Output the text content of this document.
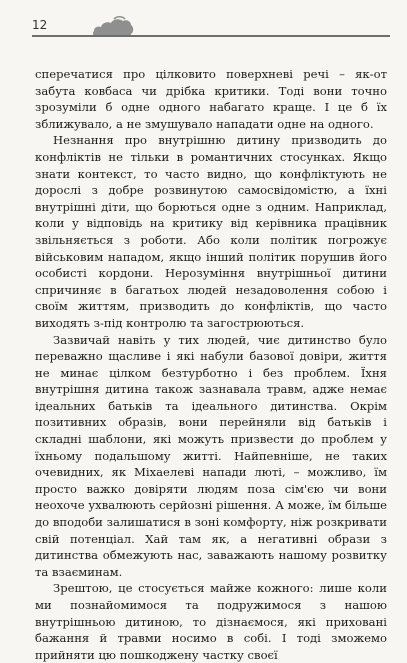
12

сперечатися про цілковито поверхневі речі – як-от забута ковбаса чи дрібка критики. Тоді вони точно зрозуміли б одне одного набагато краще. І це б їх зближувало, а не змушувало нападати одне на одного.

Незнання про внутрішню дитину призводить до конфліктів не тільки в романтичних стосунках. Якщо знати контекст, то часто видно, що конфліктують не дорослі з добре розвинутою самосвідомістю, а їхні внутрішні діти, що борються одне з одним. Наприклад, коли у відповідь на критику від керівника працівник звільняється з роботи. Або коли політик погрожує військовим нападом, якщо інший політик порушив його особисті кордони. Нерозуміння внутрішньої дитини спричиняє в багатьох людей незадоволення собою і своїм життям, призводить до конфліктів, що часто виходять з-під контролю та загострюються.

Зазвичай навіть у тих людей, чиє дитинство було переважно щасливе і які набули базової довіри, життя не минає цілком безтурботно і без проблем. Їхня внутрішня дитина також зазнавала травм, адже немає ідеальних батьків та ідеального дитинства. Окрім позитивних образів, вони перейняли від батьків і складні шаблони, які можуть призвести до проблем у їхньому подальшому житті. Найпевніше, не таких очевидних, як Міхаелеві напади люті, – можливо, їм просто важко довіряти людям поза сім'єю чи вони неохоче ухвалюють серйозні рішення. А може, їм більше до вподоби залишатися в зоні комфорту, ніж розкривати свій потенціал. Хай там як, а негативні образи з дитинства обмежують нас, заважають нашому розвитку та взаєминам.

Зрештою, це стосується майже кожного: лише коли ми познайомимося та подружимося з нашою внутрішньою дитиною, то дізнаємося, які приховані бажання й травми носимо в собі. І тоді зможемо прийняти цю пошкоджену частку своєї
